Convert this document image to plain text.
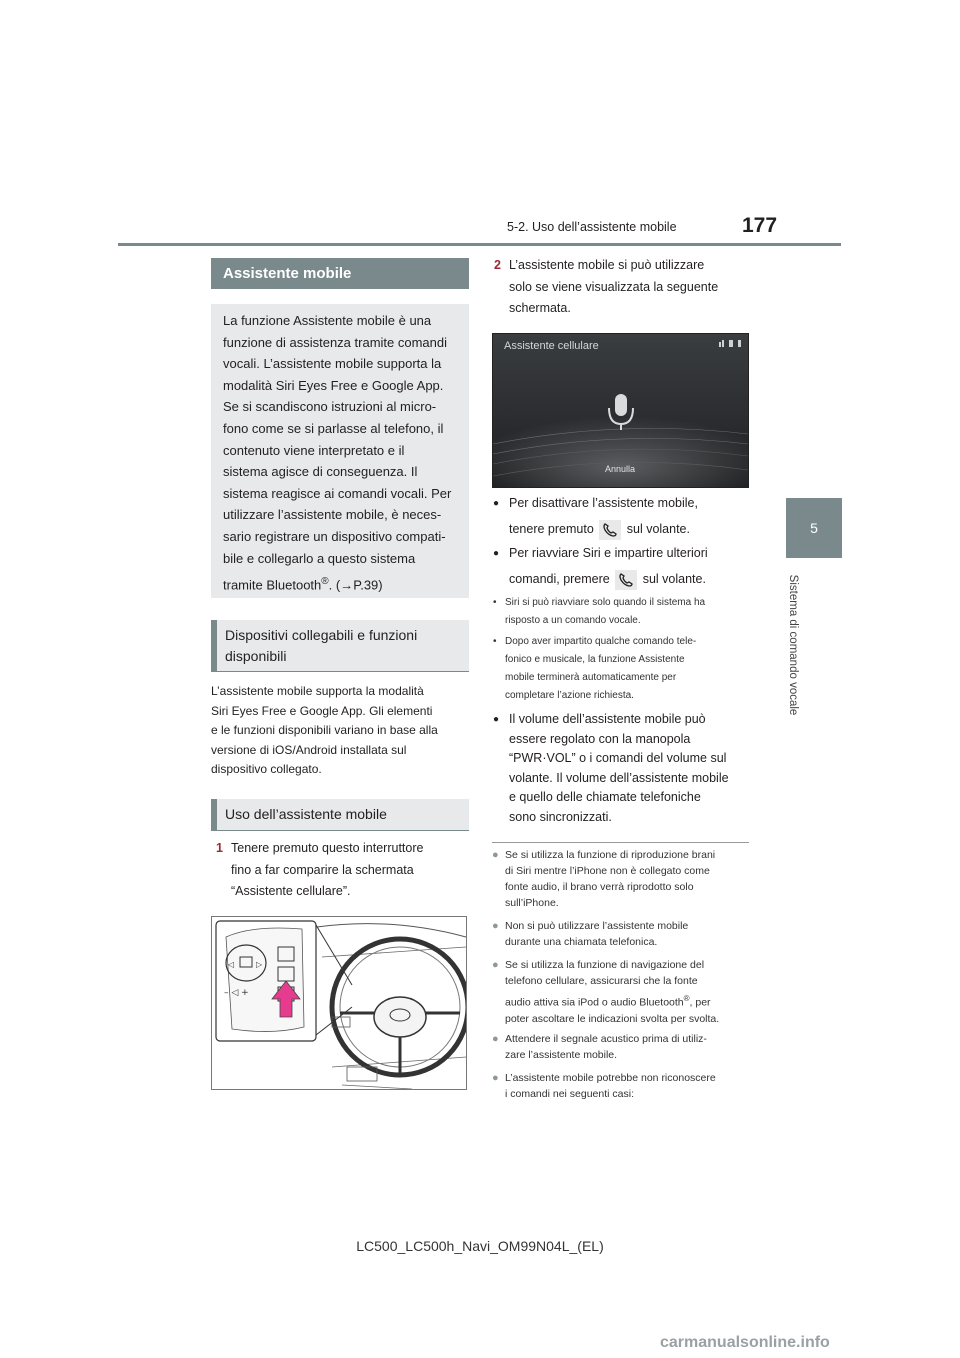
177
5-2. Uso dell’assistente mobile
5
Sistema di comando vocale
Assistente mobile
La funzione Assistente mobile è una
funzione di assistenza tramite comandi
vocali. L’assistente mobile supporta la
modalità Siri Eyes Free e Google App.
Se si scandiscono istruzioni al micro-
fono come se si parlasse al telefono, il
contenuto viene interpretato e il
sistema agisce di conseguenza. Il
sistema reagisce ai comandi vocali. Per
utilizzare l’assistente mobile, è neces-
sario registrare un dispositivo compati-
bile e collegarlo a questo sistema
tramite Bluetooth®. (→P.39)
Dispositivi collegabili e funzioni disponibili
L’assistente mobile supporta la modalità
Siri Eyes Free e Google App. Gli elementi
e le funzioni disponibili variano in base alla
versione di iOS/Android installata sul
dispositivo collegato.
Uso dell’assistente mobile
1 Tenere premuto questo interruttore
fino a far comparire la schermata
“Assistente cellulare”.
◁	▷
– ◁ +
2 L’assistente mobile si può utilizzare
solo se viene visualizzata la seguente
schermata.
Assistente cellulare
Annulla
● Per disattivare l’assistente mobile,
tenere premuto	sul volante.
● Per riavviare Siri e impartire ulteriori
comandi, premere	sul volante.
• Siri si può riavviare solo quando il sistema ha
risposto a un comando vocale.
• Dopo aver impartito qualche comando tele-
fonico e musicale, la funzione Assistente
mobile terminerà automaticamente per
completare l’azione richiesta.
● Il volume dell’assistente mobile può
essere regolato con la manopola
“PWR·VOL” o i comandi del volume sul
volante. Il volume dell’assistente mobile
e quello delle chiamate telefoniche
sono sincronizzati.
● Se si utilizza la funzione di riproduzione brani
di Siri mentre l’iPhone non è collegato come
fonte audio, il brano verrà riprodotto solo
sull’iPhone.
● Non si può utilizzare l’assistente mobile
durante una chiamata telefonica.
● Se si utilizza la funzione di navigazione del
telefono cellulare, assicurarsi che la fonte
audio attiva sia iPod o audio Bluetooth®, per
poter ascoltare le indicazioni svolta per svolta.
● Attendere il segnale acustico prima di utiliz-
zare l’assistente mobile.
● L’assistente mobile potrebbe non riconoscere
i comandi nei seguenti casi:
LC500_LC500h_Navi_OM99N04L_(EL)
carmanualsonline.info
